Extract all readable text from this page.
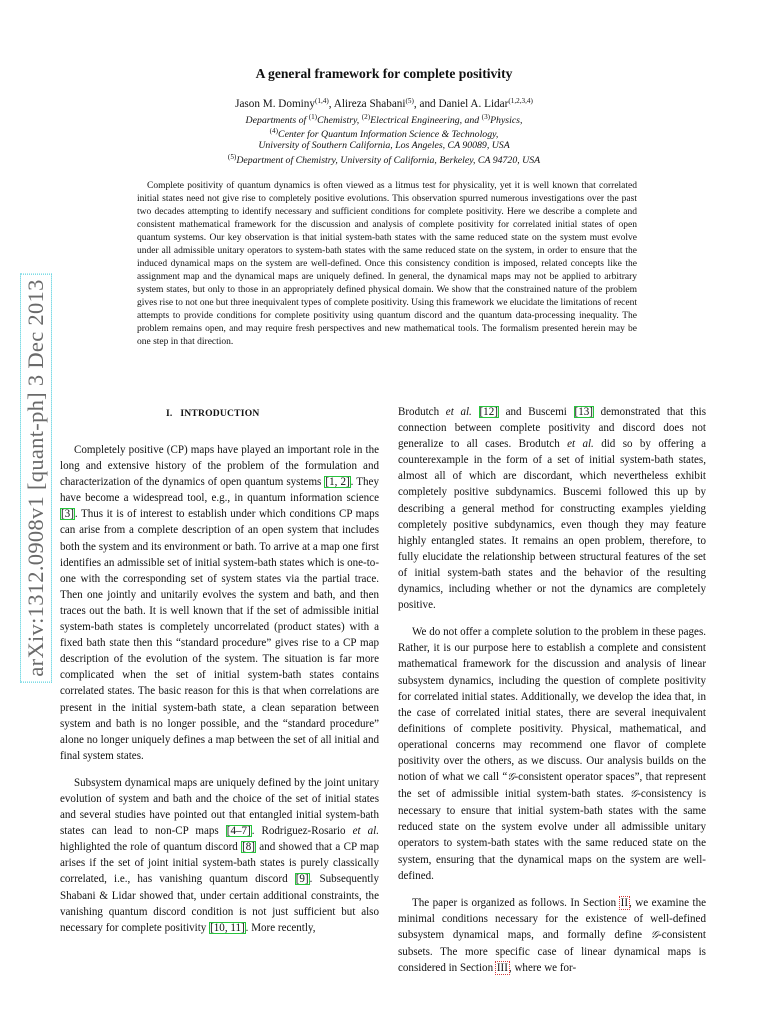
arXiv:1312.0908v1 [quant-ph] 3 Dec 2013
A general framework for complete positivity
Jason M. Dominy$^{(1,4)}$, Alireza Shabani$^{(5)}$, and Daniel A. Lidar$^{(1,2,3,4)}$
Departments of $^{(1)}$Chemistry, $^{(2)}$Electrical Engineering, and $^{(3)}$Physics,
$^{(4)}$Center for Quantum Information Science & Technology,
University of Southern California, Los Angeles, CA 90089, USA
$^{(5)}$Department of Chemistry, University of California, Berkeley, CA 94720, USA

Complete positivity of quantum dynamics is often viewed as a litmus test for physicality, yet it is well known that correlated initial states need not give rise to completely positive evolutions. This observation spurred numerous investigations over the past two decades attempting to identify necessary and sufficient conditions for complete positivity. Here we describe a complete and consistent mathematical framework for the discussion and analysis of complete positivity for correlated initial states of open quantum systems. Our key observation is that initial system-bath states with the same reduced state on the system must evolve under all admissible unitary operators to system-bath states with the same reduced state on the system, in order to ensure that the induced dynamical maps on the system are well-defined. Once this consistency condition is imposed, related concepts like the assignment map and the dynamical maps are uniquely defined. In general, the dynamical maps may not be applied to arbitrary system states, but only to those in an appropriately defined physical domain. We show that the constrained nature of the problem gives rise to not one but three inequivalent types of complete positivity. Using this framework we elucidate the limitations of recent attempts to provide conditions for complete positivity using quantum discord and the quantum data-processing inequality. The problem remains open, and may require fresh perspectives and new mathematical tools. The formalism presented herein may be one step in that direction.

I. INTRODUCTION

Completely positive (CP) maps have played an important role in the long and extensive history of the problem of the formulation and characterization of the dynamics of open quantum systems [1, 2]. They have become a widespread tool, e.g., in quantum information science [3]. Thus it is of interest to establish under which conditions CP maps can arise from a complete description of an open system that includes both the system and its environment or bath. To arrive at a map one first identifies an admissible set of initial system-bath states which is one-to-one with the corresponding set of system states via the partial trace. Then one jointly and unitarily evolves the system and bath, and then traces out the bath. It is well known that if the set of admissible initial system-bath states is completely uncorrelated (product states) with a fixed bath state then this “standard procedure” gives rise to a CP map description of the evolution of the system. The situation is far more complicated when the set of initial system-bath states contains correlated states. The basic reason for this is that when correlations are present in the initial system-bath state, a clean separation between system and bath is no longer possible, and the “standard procedure” alone no longer uniquely defines a map between the set of all initial and final system states.

Subsystem dynamical maps are uniquely defined by the joint unitary evolution of system and bath and the choice of the set of initial states and several studies have pointed out that entangled initial system-bath states can lead to non-CP maps [4–7]. Rodriguez-Rosario et al. highlighted the role of quantum discord [8] and showed that a CP map arises if the set of joint initial system-bath states is purely classically correlated, i.e., has vanishing quantum discord [9]. Subsequently Shabani & Lidar showed that, under certain additional constraints, the vanishing quantum discord condition is not just sufficient but also necessary for complete positivity [10, 11]. More recently,

Brodutch et al. [12] and Buscemi [13] demonstrated that this connection between complete positivity and discord does not generalize to all cases. Brodutch et al. did so by offering a counterexample in the form of a set of initial system-bath states, almost all of which are discordant, which nevertheless exhibit completely positive subdynamics. Buscemi followed this up by describing a general method for constructing examples yielding completely positive subdynamics, even though they may feature highly entangled states. It remains an open problem, therefore, to fully elucidate the relationship between structural features of the set of initial system-bath states and the behavior of the resulting dynamics, including whether or not the dynamics are completely positive.

We do not offer a complete solution to the problem in these pages. Rather, it is our purpose here to establish a complete and consistent mathematical framework for the discussion and analysis of linear subsystem dynamics, including the question of complete positivity for correlated initial states. Additionally, we develop the idea that, in the case of correlated initial states, there are several inequivalent definitions of complete positivity. Physical, mathematical, and operational concerns may recommend one flavor of complete positivity over the others, as we discuss. Our analysis builds on the notion of what we call “𝒢-consistent operator spaces”, that represent the set of admissible initial system-bath states. 𝒢-consistency is necessary to ensure that initial system-bath states with the same reduced state on the system evolve under all admissible unitary operators to system-bath states with the same reduced state on the system, ensuring that the dynamical maps on the system are well-defined.

The paper is organized as follows. In Section II, we examine the minimal conditions necessary for the existence of well-defined subsystem dynamical maps, and formally define 𝒢-consistent subsets. The more specific case of linear dynamical maps is considered in Section III, where we for-
